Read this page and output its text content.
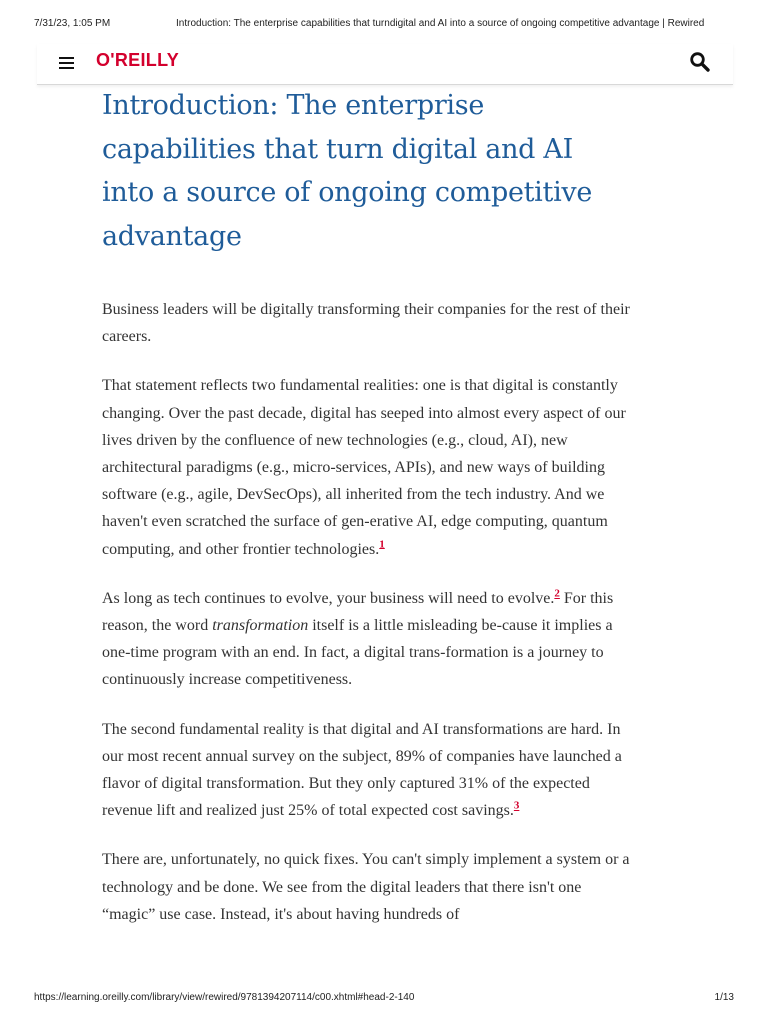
7/31/23, 1:05 PM	Introduction: The enterprise capabilities that turndigital and AI into a source of ongoing competitive advantage | Rewired
O'REILLY
Introduction: The enterprise capabilities that turn digital and AI into a source of ongoing competitive advantage

Business leaders will be digitally transforming their companies for the rest of their careers.

That statement reflects two fundamental realities: one is that digital is constantly changing. Over the past decade, digital has seeped into almost every aspect of our lives driven by the confluence of new technologies (e.g., cloud, AI), new architectural paradigms (e.g., micro-services, APIs), and new ways of building software (e.g., agile, DevSecOps), all inherited from the tech industry. And we haven't even scratched the surface of gen-erative AI, edge computing, quantum computing, and other frontier technologies.$^1$

As long as tech continues to evolve, your business will need to evolve.$^2$ For this reason, the word transformation itself is a little misleading be-cause it implies a one-time program with an end. In fact, a digital trans-formation is a journey to continuously increase competitiveness.

The second fundamental reality is that digital and AI transformations are hard. In our most recent annual survey on the subject, 89% of companies have launched a flavor of digital transformation. But they only captured 31% of the expected revenue lift and realized just 25% of total expected cost savings.$^3$

There are, unfortunately, no quick fixes. You can't simply implement a system or a technology and be done. We see from the digital leaders that there isn't one “magic” use case. Instead, it's about having hundreds of

https://learning.oreilly.com/library/view/rewired/9781394207114/c00.xhtml#head-2-140	1/13
